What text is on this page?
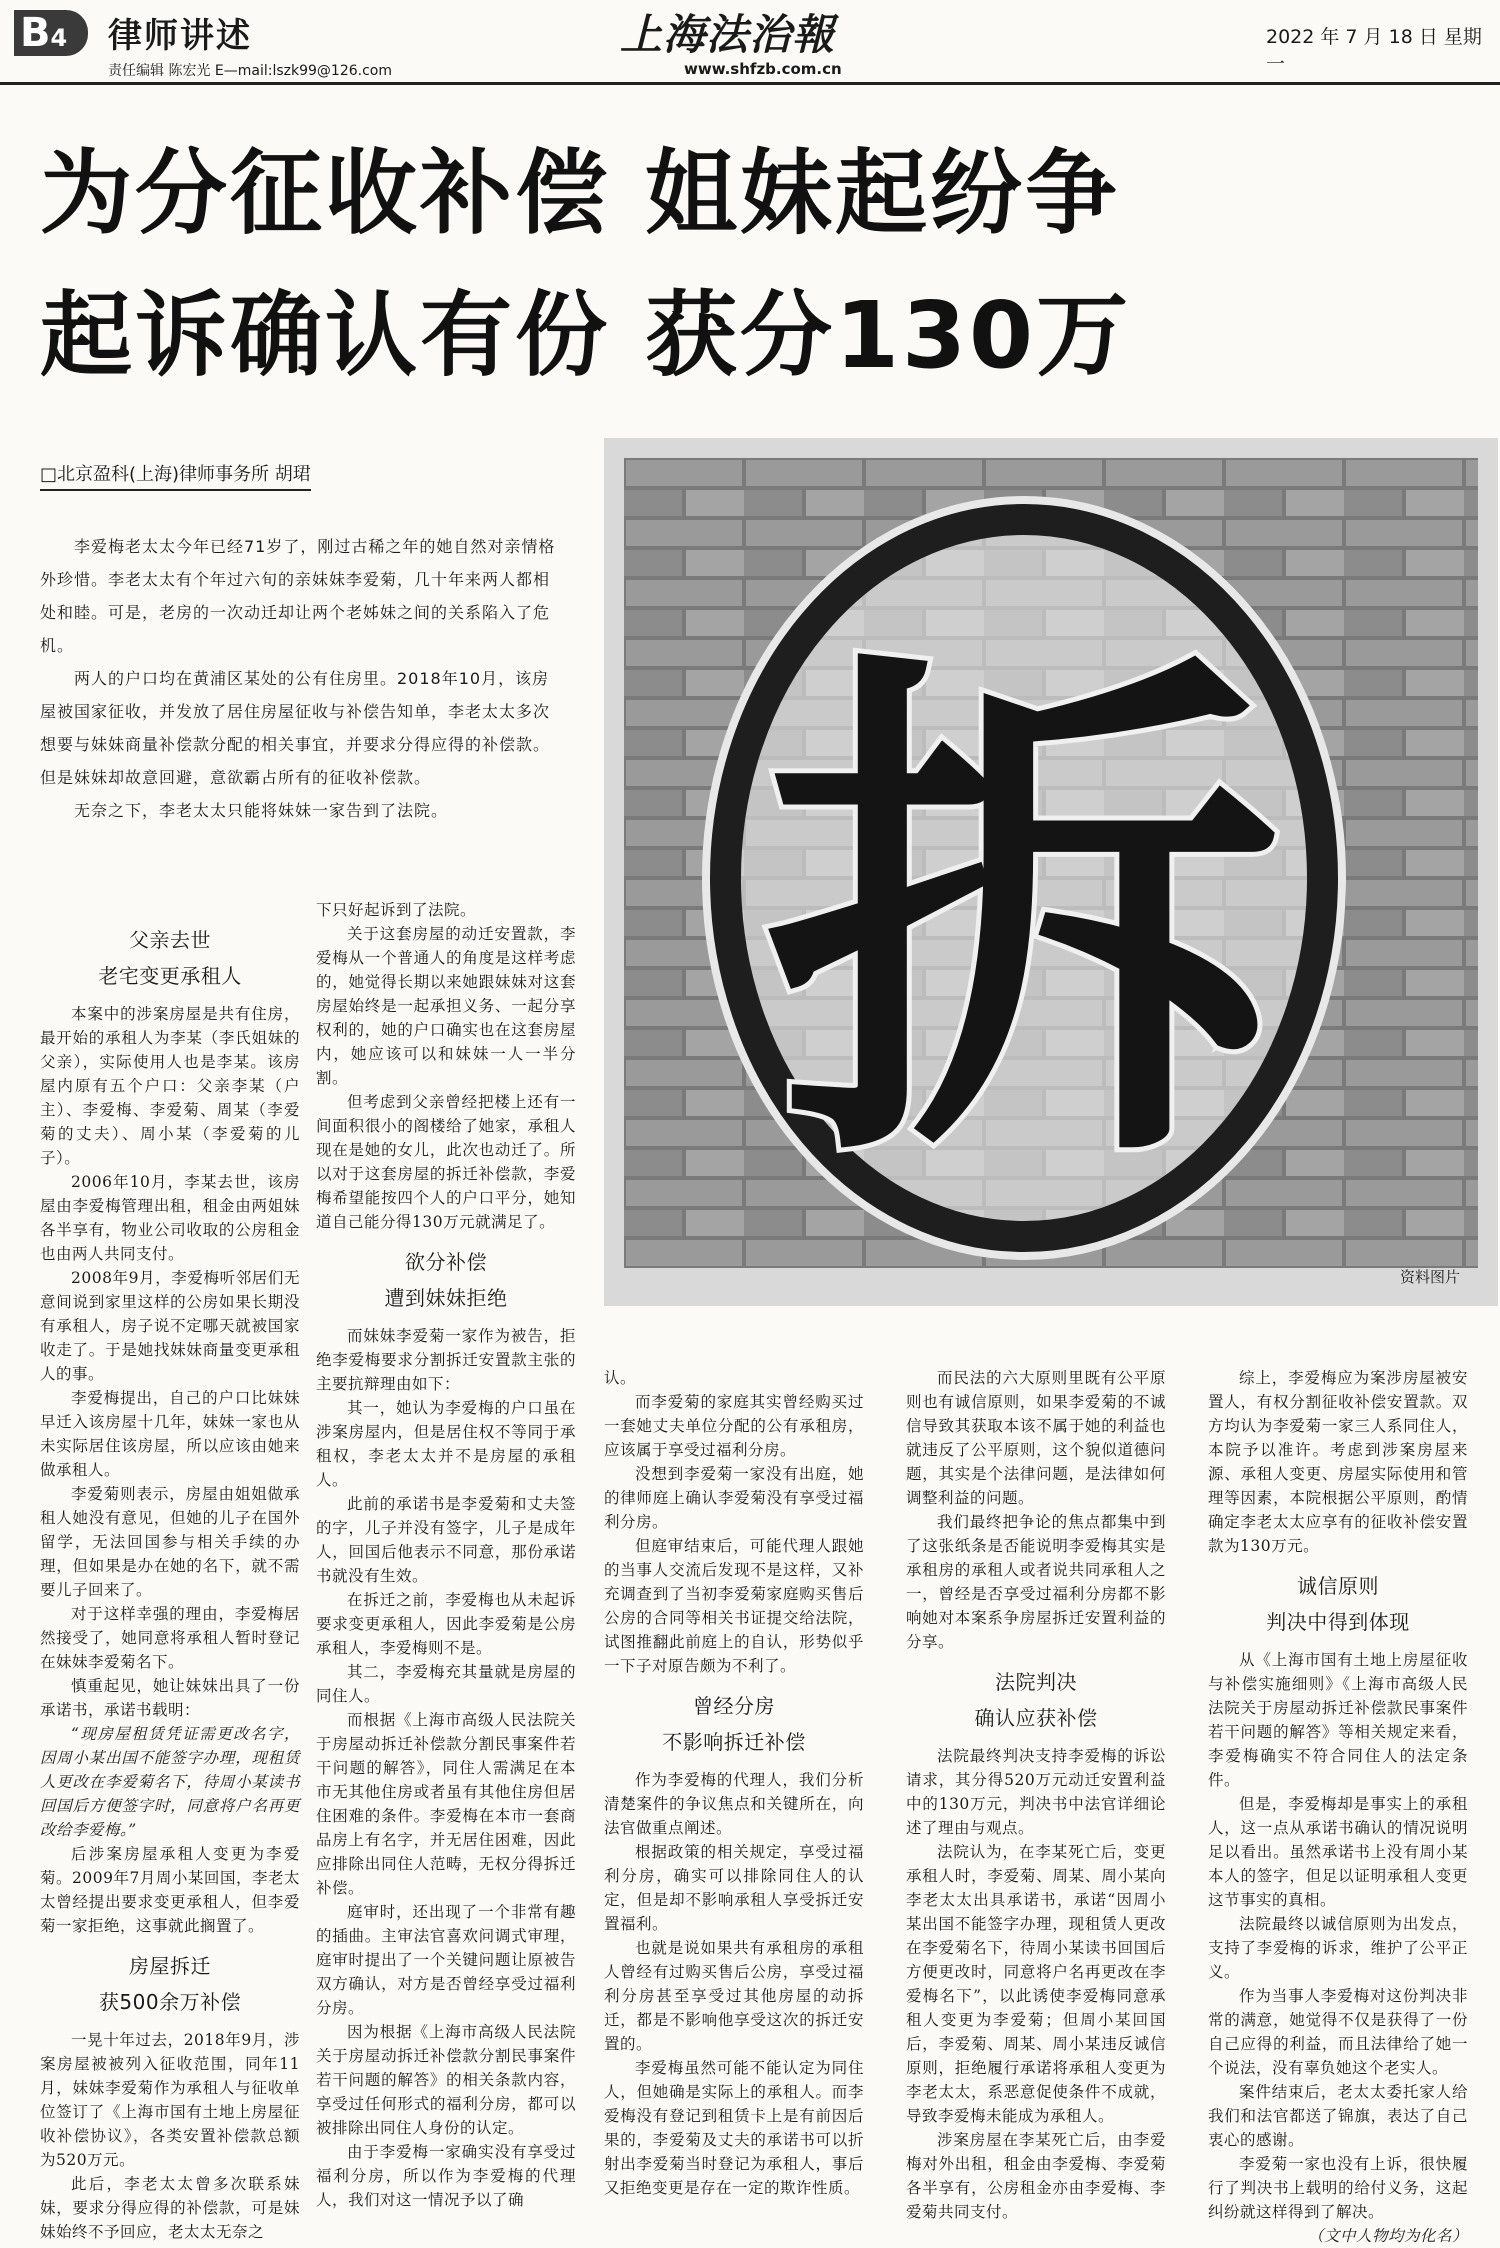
B4	律师讲述
责任编辑 陈宏光 E—mail:lszk99@126.com
上海法治報
www.shfzb.com.cn
2022 年 7 月 18 日 星期一
为分征收补偿 姐妹起纷争
起诉确认有份 获分130万
□北京盈科(上海)律师事务所 胡珺

李爱梅老太太今年已经71岁了，刚过古稀之年的她自然对亲情格外珍惜。李老太太有个年过六旬的亲妹妹李爱菊，几十年来两人都相处和睦。可是，老房的一次动迁却让两个老姊妹之间的关系陷入了危机。

两人的户口均在黄浦区某处的公有住房里。2018年10月，该房屋被国家征收，并发放了居住房屋征收与补偿告知单，李老太太多次想要与妹妹商量补偿款分配的相关事宜，并要求分得应得的补偿款。但是妹妹却故意回避，意欲霸占所有的征收补偿款。

无奈之下，李老太太只能将妹妹一家告到了法院。 拆
资料图片

父亲去世
老宅变更承租人

本案中的涉案房屋是共有住房，最开始的承租人为李某（李氏姐妹的父亲），实际使用人也是李某。该房屋内原有五个户口：父亲李某（户主）、李爱梅、李爱菊、周某（李爱菊的丈夫）、周小某（李爱菊的儿子）。

2006年10月，李某去世，该房屋由李爱梅管理出租，租金由两姐妹各半享有，物业公司收取的公房租金也由两人共同支付。

2008年9月，李爱梅听邻居们无意间说到家里这样的公房如果长期没有承租人，房子说不定哪天就被国家收走了。于是她找妹妹商量变更承租人的事。

李爱梅提出，自己的户口比妹妹早迁入该房屋十几年，妹妹一家也从未实际居住该房屋，所以应该由她来做承租人。

李爱菊则表示，房屋由姐姐做承租人她没有意见，但她的儿子在国外留学，无法回国参与相关手续的办理，但如果是办在她的名下，就不需要儿子回来了。

对于这样幸强的理由，李爱梅居然接受了，她同意将承租人暂时登记在妹妹李爱菊名下。

慎重起见，她让妹妹出具了一份承诺书，承诺书载明：

“现房屋租赁凭证需更改名字，因周小某出国不能签字办理，现租赁人更改在李爱菊名下，待周小某读书回国后方便签字时，同意将户名再更改给李爱梅。”

后涉案房屋承租人变更为李爱菊。2009年7月周小某回国，李老太太曾经提出要求变更承租人，但李爱菊一家拒绝，这事就此搁置了。

房屋拆迁
获500余万补偿

一晃十年过去，2018年9月，涉案房屋被被列入征收范围，同年11月，妹妹李爱菊作为承租人与征收单位签订了《上海市国有土地上房屋征收补偿协议》，各类安置补偿款总额为520万元。

此后，李老太太曾多次联系妹妹，要求分得应得的补偿款，可是妹妹始终不予回应，老太太无奈之

下只好起诉到了法院。

关于这套房屋的动迁安置款，李爱梅从一个普通人的角度是这样考虑的，她觉得长期以来她跟妹妹对这套房屋始终是一起承担义务、一起分享权利的，她的户口确实也在这套房屋内，她应该可以和妹妹一人一半分割。

但考虑到父亲曾经把楼上还有一间面积很小的阁楼给了她家，承租人现在是她的女儿，此次也动迁了。所以对于这套房屋的拆迁补偿款，李爱梅希望能按四个人的户口平分，她知道自己能分得130万元就满足了。

欲分补偿
遭到妹妹拒绝

而妹妹李爱菊一家作为被告，拒绝李爱梅要求分割拆迁安置款主张的主要抗辩理由如下：

其一，她认为李爱梅的户口虽在涉案房屋内，但是居住权不等同于承租权，李老太太并不是房屋的承租人。

此前的承诺书是李爱菊和丈夫签的字，儿子并没有签字，儿子是成年人，回国后他表示不同意，那份承诺书就没有生效。

在拆迁之前，李爱梅也从未起诉要求变更承租人，因此李爱菊是公房承租人，李爱梅则不是。

其二，李爱梅充其量就是房屋的同住人。

而根据《上海市高级人民法院关于房屋动拆迁补偿款分割民事案件若干问题的解答》，同住人需满足在本市无其他住房或者虽有其他住房但居住困难的条件。李爱梅在本市一套商品房上有名字，并无居住困难，因此应排除出同住人范畴，无权分得拆迁补偿。

庭审时，还出现了一个非常有趣的插曲。主审法官喜欢问调式审理，庭审时提出了一个关键问题让原被告双方确认，对方是否曾经享受过福利分房。

因为根据《上海市高级人民法院关于房屋动拆迁补偿款分割民事案件若干问题的解答》的相关条款内容，享受过任何形式的福利分房，都可以被排除出同住人身份的认定。

由于李爱梅一家确实没有享受过福利分房，所以作为李爱梅的代理人，我们对这一情况予以了确

认。

而李爱菊的家庭其实曾经购买过一套她丈夫单位分配的公有承租房，应该属于享受过福利分房。

没想到李爱菊一家没有出庭，她的律师庭上确认李爱菊没有享受过福利分房。

但庭审结束后，可能代理人跟她的当事人交流后发现不是这样，又补充调查到了当初李爱菊家庭购买售后公房的合同等相关书证提交给法院，试图推翻此前庭上的自认，形势似乎一下子对原告颇为不利了。

曾经分房
不影响拆迁补偿

作为李爱梅的代理人，我们分析清楚案件的争议焦点和关键所在，向法官做重点阐述。

根据政策的相关规定，享受过福利分房，确实可以排除同住人的认定，但是却不影响承租人享受拆迁安置福利。

也就是说如果共有承租房的承租人曾经有过购买售后公房，享受过福利分房甚至享受过其他房屋的动拆迁，都是不影响他享受这次的拆迁安置的。

李爱梅虽然可能不能认定为同住人，但她确是实际上的承租人。而李爱梅没有登记到租赁卡上是有前因后果的，李爱菊及丈夫的承诺书可以折射出李爱菊当时登记为承租人，事后又拒绝变更是存在一定的欺诈性质。

而民法的六大原则里既有公平原则也有诚信原则，如果李爱菊的不诚信导致其获取本该不属于她的利益也就违反了公平原则，这个貌似道德问题，其实是个法律问题，是法律如何调整利益的问题。

我们最终把争论的焦点都集中到了这张纸条是否能说明李爱梅其实是承租房的承租人或者说共同承租人之一，曾经是否享受过福利分房都不影响她对本案系争房屋拆迁安置利益的分享。

法院判决
确认应获补偿

法院最终判决支持李爱梅的诉讼请求，其分得520万元动迁安置利益中的130万元，判决书中法官详细论述了理由与观点。

法院认为，在李某死亡后，变更承租人时，李爱菊、周某、周小某向李老太太出具承诺书，承诺“因周小某出国不能签字办理，现租赁人更改在李爱菊名下，待周小某读书回国后方便更改时，同意将户名再更改在李爱梅名下”，以此诱使李爱梅同意承租人变更为李爱菊；但周小某回国后，李爱菊、周某、周小某违反诚信原则，拒绝履行承诺将承租人变更为李老太太，系恶意促使条件不成就，导致李爱梅未能成为承租人。

涉案房屋在李某死亡后，由李爱梅对外出租，租金由李爱梅、李爱菊各半享有，公房租金亦由李爱梅、李爱菊共同支付。

综上，李爱梅应为案涉房屋被安置人，有权分割征收补偿安置款。双方均认为李爱菊一家三人系同住人，本院予以准许。考虑到涉案房屋来源、承租人变更、房屋实际使用和管理等因素，本院根据公平原则，酌情确定李老太太应享有的征收补偿安置款为130万元。

诚信原则
判决中得到体现

从《上海市国有土地上房屋征收与补偿实施细则》《上海市高级人民法院关于房屋动拆迁补偿款民事案件若干问题的解答》等相关规定来看，李爱梅确实不符合同住人的法定条件。

但是，李爱梅却是事实上的承租人，这一点从承诺书确认的情况说明足以看出。虽然承诺书上没有周小某本人的签字，但足以证明承租人变更这节事实的真相。

法院最终以诚信原则为出发点，支持了李爱梅的诉求，维护了公平正义。

作为当事人李爱梅对这份判决非常的满意，她觉得不仅是获得了一份自己应得的利益，而且法律给了她一个说法，没有辜负她这个老实人。

案件结束后，老太太委托家人给我们和法官都送了锦旗，表达了自己衷心的感谢。

李爱菊一家也没有上诉，很快履行了判决书上载明的给付义务，这起纠纷就这样得到了解决。

（文中人物均为化名）
